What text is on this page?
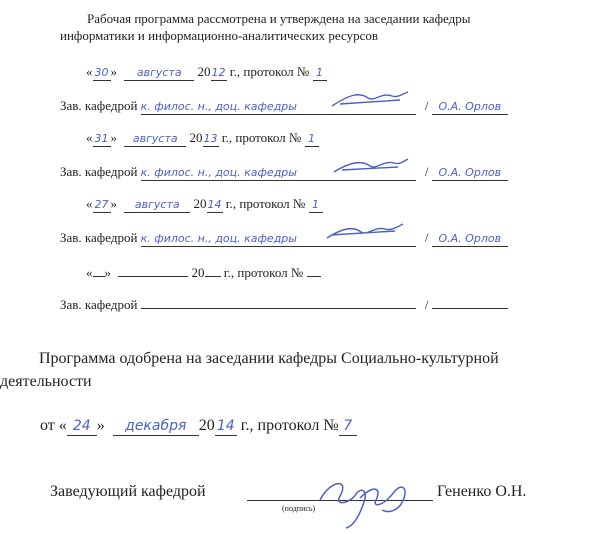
Рабочая программа рассмотрена и утверждена на заседании кафедры
информатики и информационно-аналитических ресурсов
« 30 » августа 2012 г., протокол № 1
Зав. кафедрой к. филос. н., доц. кафедры	/ О.А. Орлов
« 31 » августа 2013 г., протокол № 1
Зав. кафедрой к. филос. н., доц. кафедры	/ О.А. Орлов
« 27 » августа 2014 г., протокол № 1
Зав. кафедрой к. филос. н., доц. кафедры	/ О.А. Орлов
« »	20 г., протокол №
Зав. кафедрой	/
Программа одобрена на заседании кафедры Социально-культурной
деятельности
от « 24 » декабря 20 14 г., протокол № 7
Заведующий кафедрой	Гененко О.Н.
(подпись)
